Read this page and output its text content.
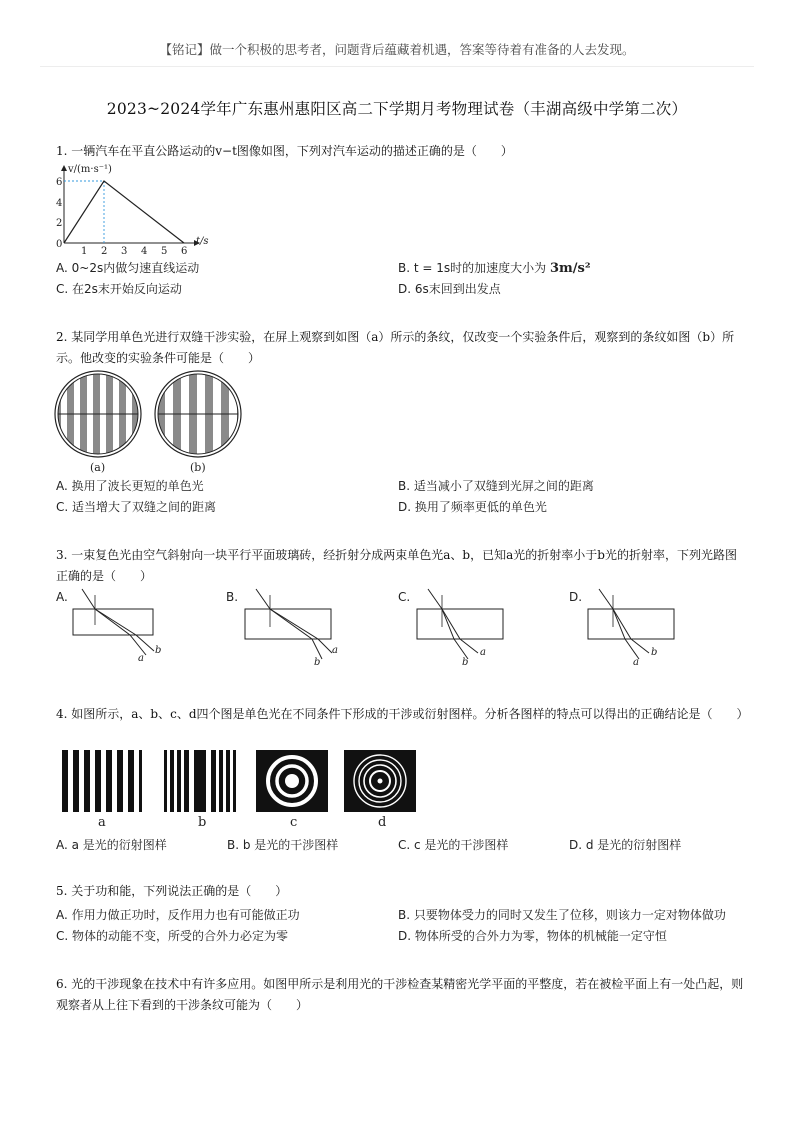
【铭记】做一个积极的思考者，问题背后蕴藏着机遇，答案等待着有准备的人去发现。
2023~2024学年广东惠州惠阳区高二下学期月考物理试卷（丰湖高级中学第二次）
1. 一辆汽车在平直公路运动的v−t图像如图，下列对汽车运动的描述正确的是（　　）
v/(m·s⁻¹)
t/s
0
2
4
6
1 2 3 4 5 6
A. 0~2s内做匀速直线运动	B. t = 1s时的加速度大小为 3m/s²
C. 在2s末开始反向运动	D. 6s末回到出发点
2. 某同学用单色光进行双缝干涉实验，在屏上观察到如图（a）所示的条纹，仅改变一个实验条件后，观察到的条纹如图（b）所示。他改变的实验条件可能是（　　）
(a)	(b)
A. 换用了波长更短的单色光	B. 适当减小了双缝到光屏之间的距离
C. 适当增大了双缝之间的距离	D. 换用了频率更低的单色光
3. 一束复色光由空气斜射向一块平行平面玻璃砖，经折射分成两束单色光a、b，已知a光的折射率小于b光的折射率，下列光路图正确的是（　　）
A.	B.	C.	D.
a
b
b
a
b
a
a
b
4. 如图所示，a、b、c、d四个图是单色光在不同条件下形成的干涉或衍射图样。分析各图样的特点可以得出的正确结论是（　　）
a	b	c	d
A. a 是光的衍射图样	B. b 是光的干涉图样	C. c 是光的干涉图样	D. d 是光的衍射图样
5. 关于功和能，下列说法正确的是（　　）
A. 作用力做正功时，反作用力也有可能做正功	B. 只要物体受力的同时又发生了位移，则该力一定对物体做功
C. 物体的动能不变，所受的合外力必定为零	D. 物体所受的合外力为零，物体的机械能一定守恒
6. 光的干涉现象在技术中有许多应用。如图甲所示是利用光的干涉检查某精密光学平面的平整度，若在被检平面上有一处凸起，则观察者从上往下看到的干涉条纹可能为（　　）
